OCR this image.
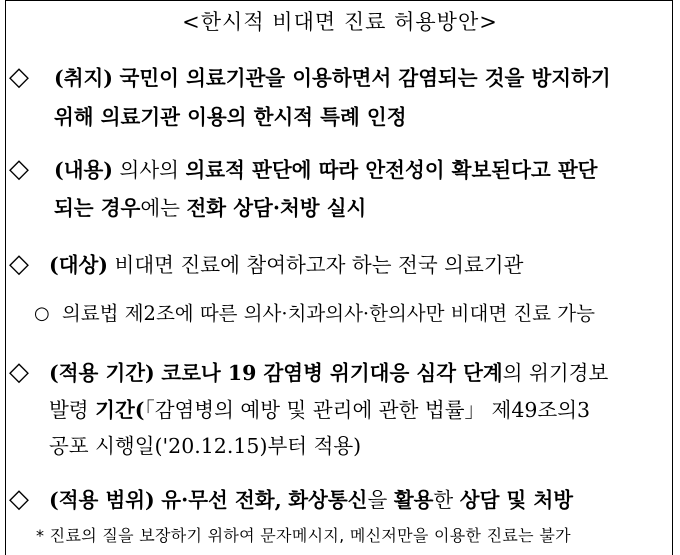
<한시적 비대면 진료 허용방안>
◇ (취지) 국민이 의료기관을 이용하면서 감염되는 것을 방지하기
위해 의료기관 이용의 한시적 특례 인정
◇ (내용) 의사의 의료적 판단에 따라 안전성이 확보된다고 판단
되는 경우에는 전화 상담·처방 실시
◇ (대상) 비대면 진료에 참여하고자 하는 전국 의료기관
○ 의료법 제2조에 따른 의사·치과의사·한의사만 비대면 진료 가능
◇ (적용 기간) 코로나 19 감염병 위기대응 심각 단계의 위기경보
발령 기간(「감염병의 예방 및 관리에 관한 법률」 제49조의3
공포 시행일('20.12.15)부터 적용)
◇ (적용 범위) 유·무선 전화, 화상통신을 활용한 상담 및 처방
* 진료의 질을 보장하기 위하여 문자메시지, 메신저만을 이용한 진료는 불가
